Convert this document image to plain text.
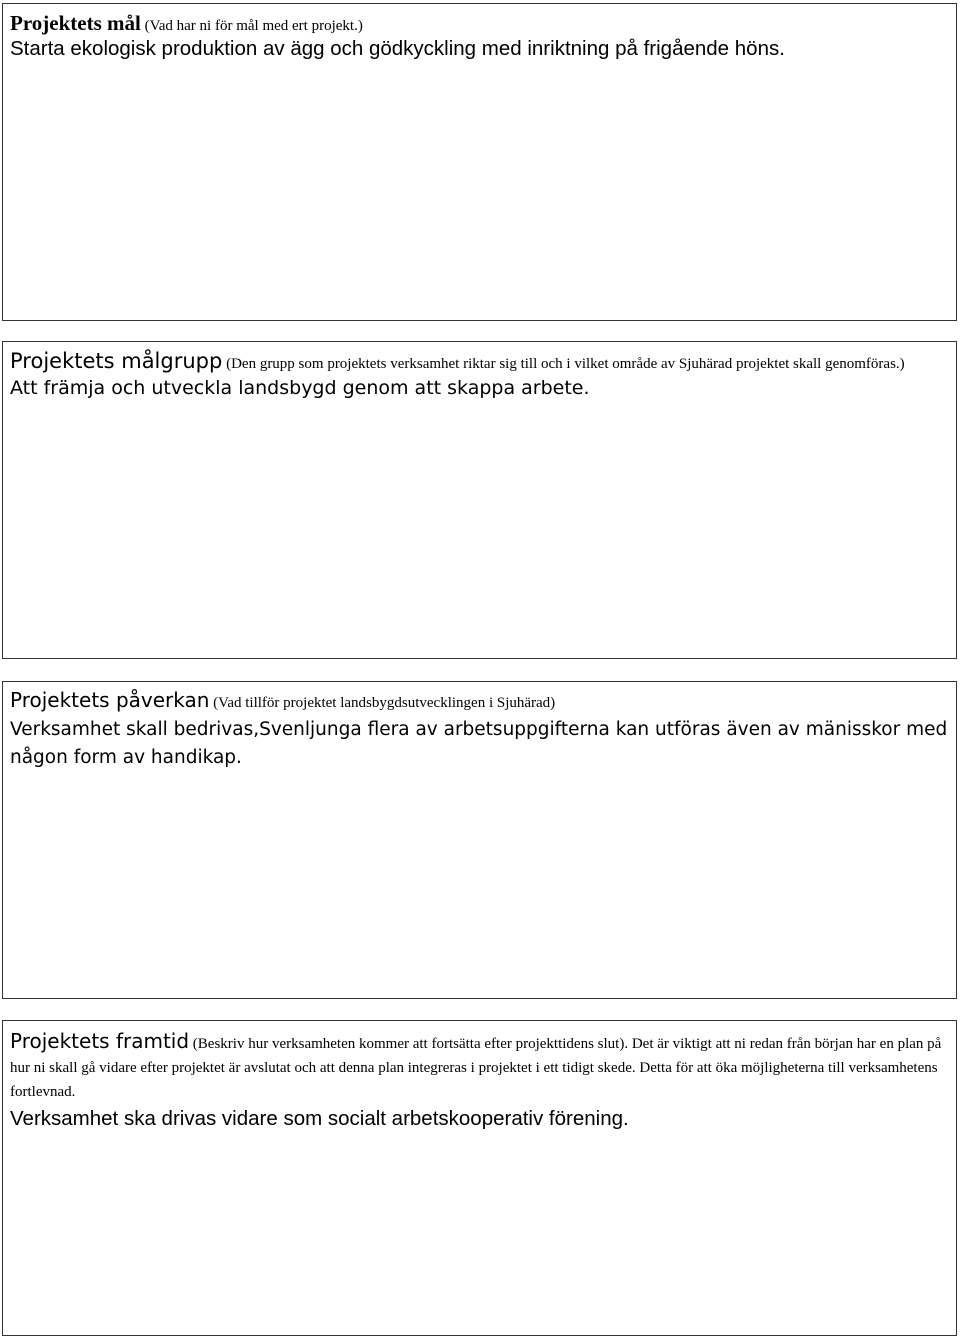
Projektets mål (Vad har ni för mål med ert projekt.)

Starta ekologisk produktion av ägg och gödkyckling med inriktning på frigående höns.

Projektets målgrupp (Den grupp som projektets verksamhet riktar sig till och i vilket område av Sjuhärad projektet skall genomföras.)

Att främja och utveckla landsbygd genom att skappa arbete.

Projektets påverkan (Vad tillför projektet landsbygdsutvecklingen i Sjuhärad)

Verksamhet skall bedrivas,Svenljunga flera av arbetsuppgifterna kan utföras även av mänisskor med någon form av handikap.

Projektets framtid (Beskriv hur verksamheten kommer att fortsätta efter projekttidens slut). Det är viktigt att ni redan från början har en plan på hur ni skall gå vidare efter projektet är avslutat och att denna plan integreras i projektet i ett tidigt skede. Detta för att öka möjligheterna till verksamhetens fortlevnad.

Verksamhet ska drivas vidare som socialt arbetskooperativ förening.
